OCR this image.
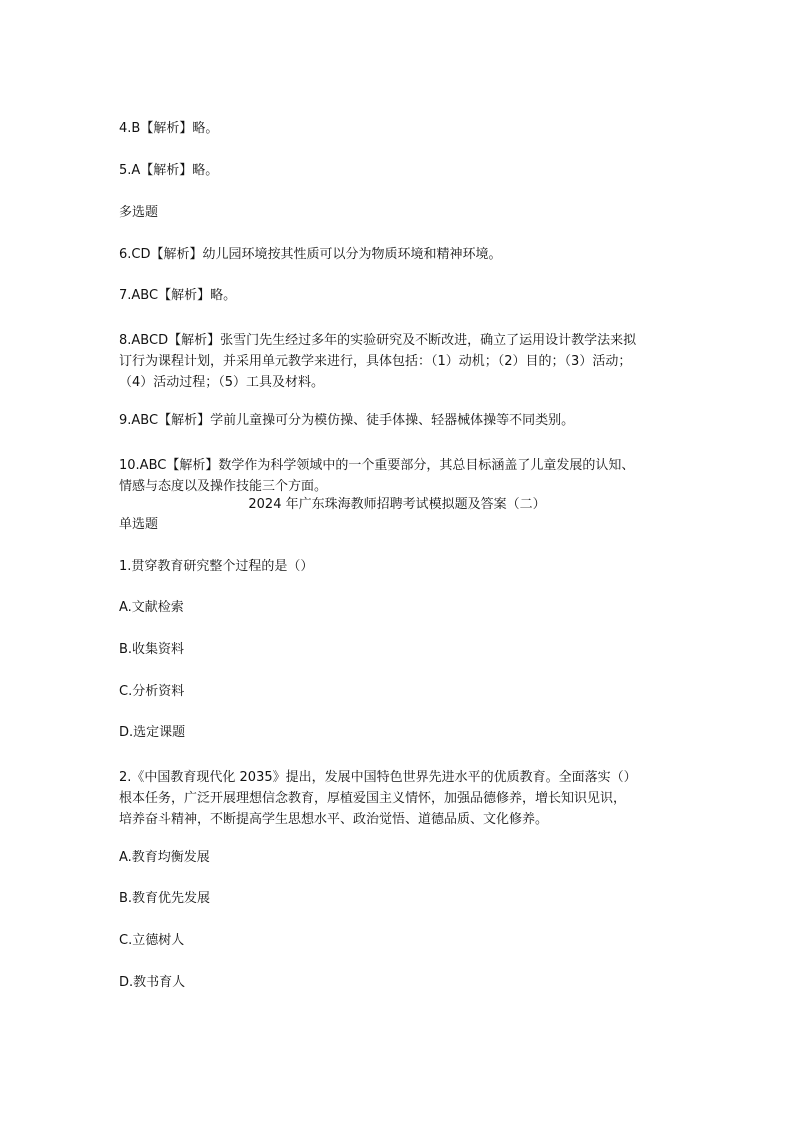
4.B【解析】略。
5.A【解析】略。
多选题
6.CD【解析】幼儿园环境按其性质可以分为物质环境和精神环境。
7.ABC【解析】略。
8.ABCD【解析】张雪门先生经过多年的实验研究及不断改进，确立了运用设计教学法来拟
订行为课程计划，并采用单元教学来进行，具体包括：（1）动机；（2）目的；（3）活动；
（4）活动过程；（5）工具及材料。
9.ABC【解析】学前儿童操可分为模仿操、徒手体操、轻器械体操等不同类别。
10.ABC【解析】数学作为科学领域中的一个重要部分，其总目标涵盖了儿童发展的认知、
情感与态度以及操作技能三个方面。
2024 年广东珠海教师招聘考试模拟题及答案（二）
单选题
1.贯穿教育研究整个过程的是（）
A.文献检索
B.收集资料
C.分析资料
D.选定课题
2.《中国教育现代化 2035》提出，发展中国特色世界先进水平的优质教育。全面落实（）
根本任务，广泛开展理想信念教育，厚植爱国主义情怀，加强品德修养，增长知识见识，
培养奋斗精神，不断提高学生思想水平、政治觉悟、道德品质、文化修养。
A.教育均衡发展
B.教育优先发展
C.立德树人
D.教书育人
